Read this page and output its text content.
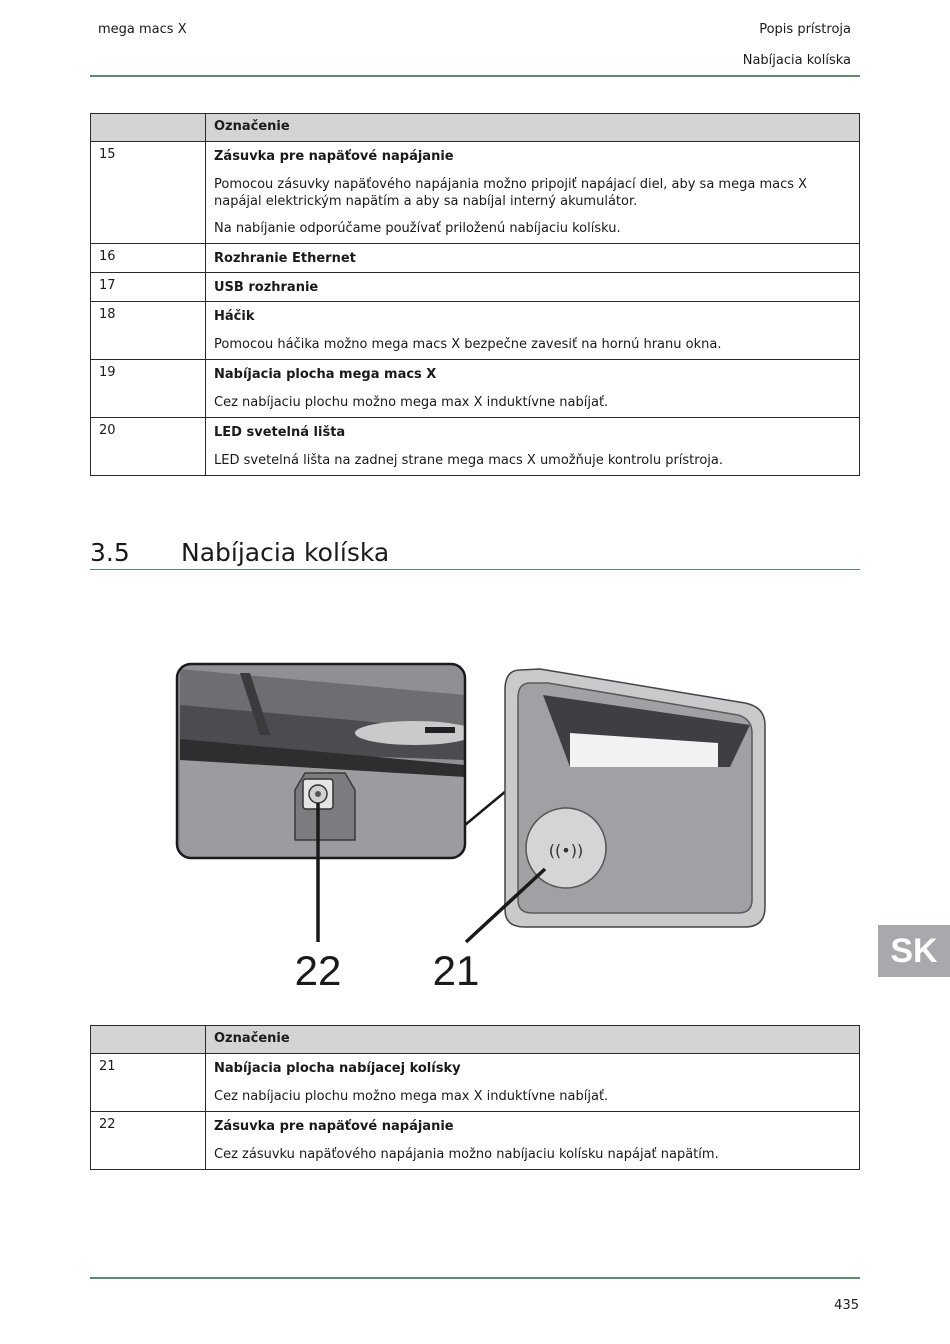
mega macs X	Popis prístroja
Nabíjacia kolíska
	Označenie
15	Zásuvka pre napäťové napájanie

Pomocou zásuvky napäťového napájania možno pripojiť napájací diel, aby sa mega macs X napájal elektrickým napätím a aby sa nabíjal interný akumulátor.

Na nabíjanie odporúčame používať priloženú nabíjaciu kolísku.

16	Rozhranie Ethernet

17	USB rozhranie

18	Háčik

Pomocou háčika možno mega macs X bezpečne zavesiť na hornú hranu okna.

19	Nabíjacia plocha mega macs X

Cez nabíjaciu plochu možno mega max X induktívne nabíjať.

20	LED svetelná lišta

LED svetelná lišta na zadnej strane mega macs X umožňuje kontrolu prístroja.

3.5 Nabíjacia kolíska
((•))
22 21	SK
	Označenie
21	Nabíjacia plocha nabíjacej kolísky

Cez nabíjaciu plochu možno mega max X induktívne nabíjať.

22	Zásuvka pre napäťové napájanie

Cez zásuvku napäťového napájania možno nabíjaciu kolísku napájať napätím.

435
